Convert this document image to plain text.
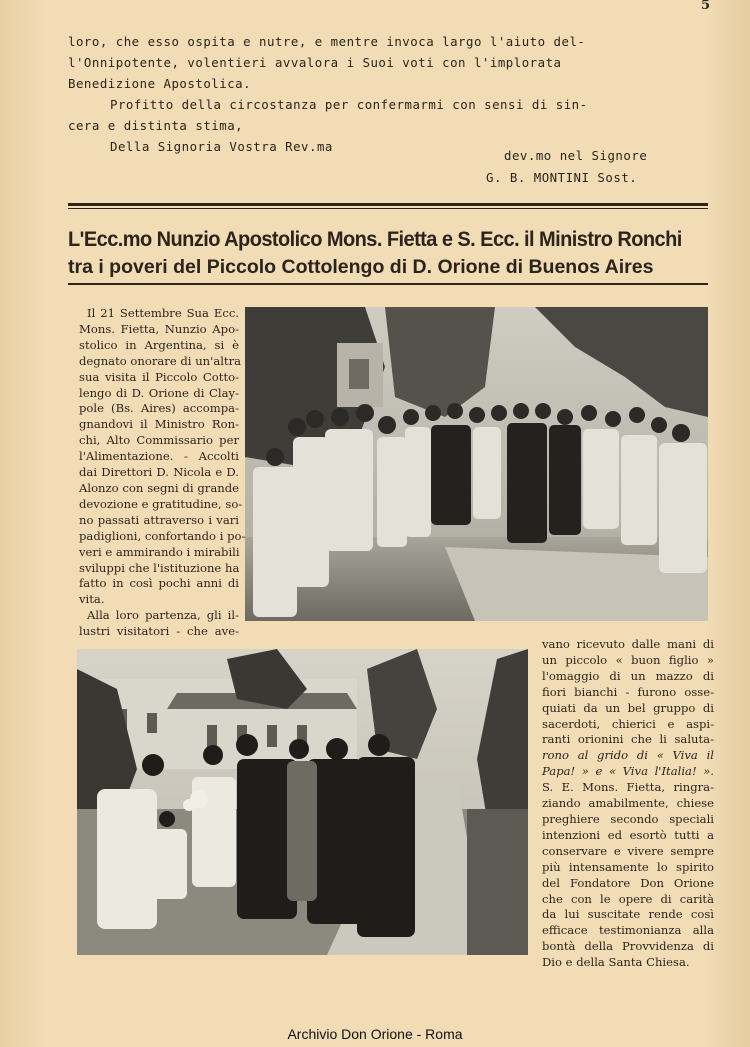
5
loro, che esso ospita e nutre, e mentre invoca largo l'aiuto del-
l'Onnipotente, volentieri avvalora i Suoi voti con l'implorata
Benedizione Apostolica.
Profitto della circostanza per confermarmi con sensi di sin-
cera e distinta stima,
Della Signoria Vostra Rev.ma
dev.mo nel Signore
G. B. MONTINI Sost.
L'Ecc.mo Nunzio Apostolico Mons. Fietta e S. Ecc. il Ministro Ronchi
tra i poveri del Piccolo Cottolengo di D. Orione di Buenos Aires
Il 21 Settembre Sua Ecc.
Mons. Fietta, Nunzio Apo-
stolico in Argentina, si è
degnato onorare di un'altra
sua visita il Piccolo Cotto-
lengo di D. Orione di Clay-
pole (Bs. Aires) accompa-
gnandovi il Ministro Ron-
chi, Alto Commissario per
l'Alimentazione. - Accolti
dai Direttori D. Nicola e D.
Alonzo con segni di grande
devozione e gratitudine, so-
no passati attraverso i vari
padiglioni, confortando i po-
veri e ammirando i mirabili
sviluppi che l'istituzione ha
fatto in così pochi anni di
vita.
Alla loro partenza, gli il-
lustri visitatori - che ave-
vano ricevuto dalle mani di
un piccolo « buon figlio »
l'omaggio di un mazzo di
fiori bianchi - furono osse-
quiati da un bel gruppo di
sacerdoti, chierici e aspi-
ranti orionini che li saluta-
rono al grido di « Viva il
Papa! » e « Viva l'Italia! ».
S. E. Mons. Fietta, ringra-
ziando amabilmente, chiese
preghiere secondo speciali
intenzioni ed esortò tutti a
conservare e vivere sempre
più intensamente lo spirito
del Fondatore Don Orione
che con le opere di carità
da lui suscitate rende così
efficace testimonianza alla
bontà della Provvidenza di
Dio e della Santa Chiesa.
Archivio Don Orione - Roma
